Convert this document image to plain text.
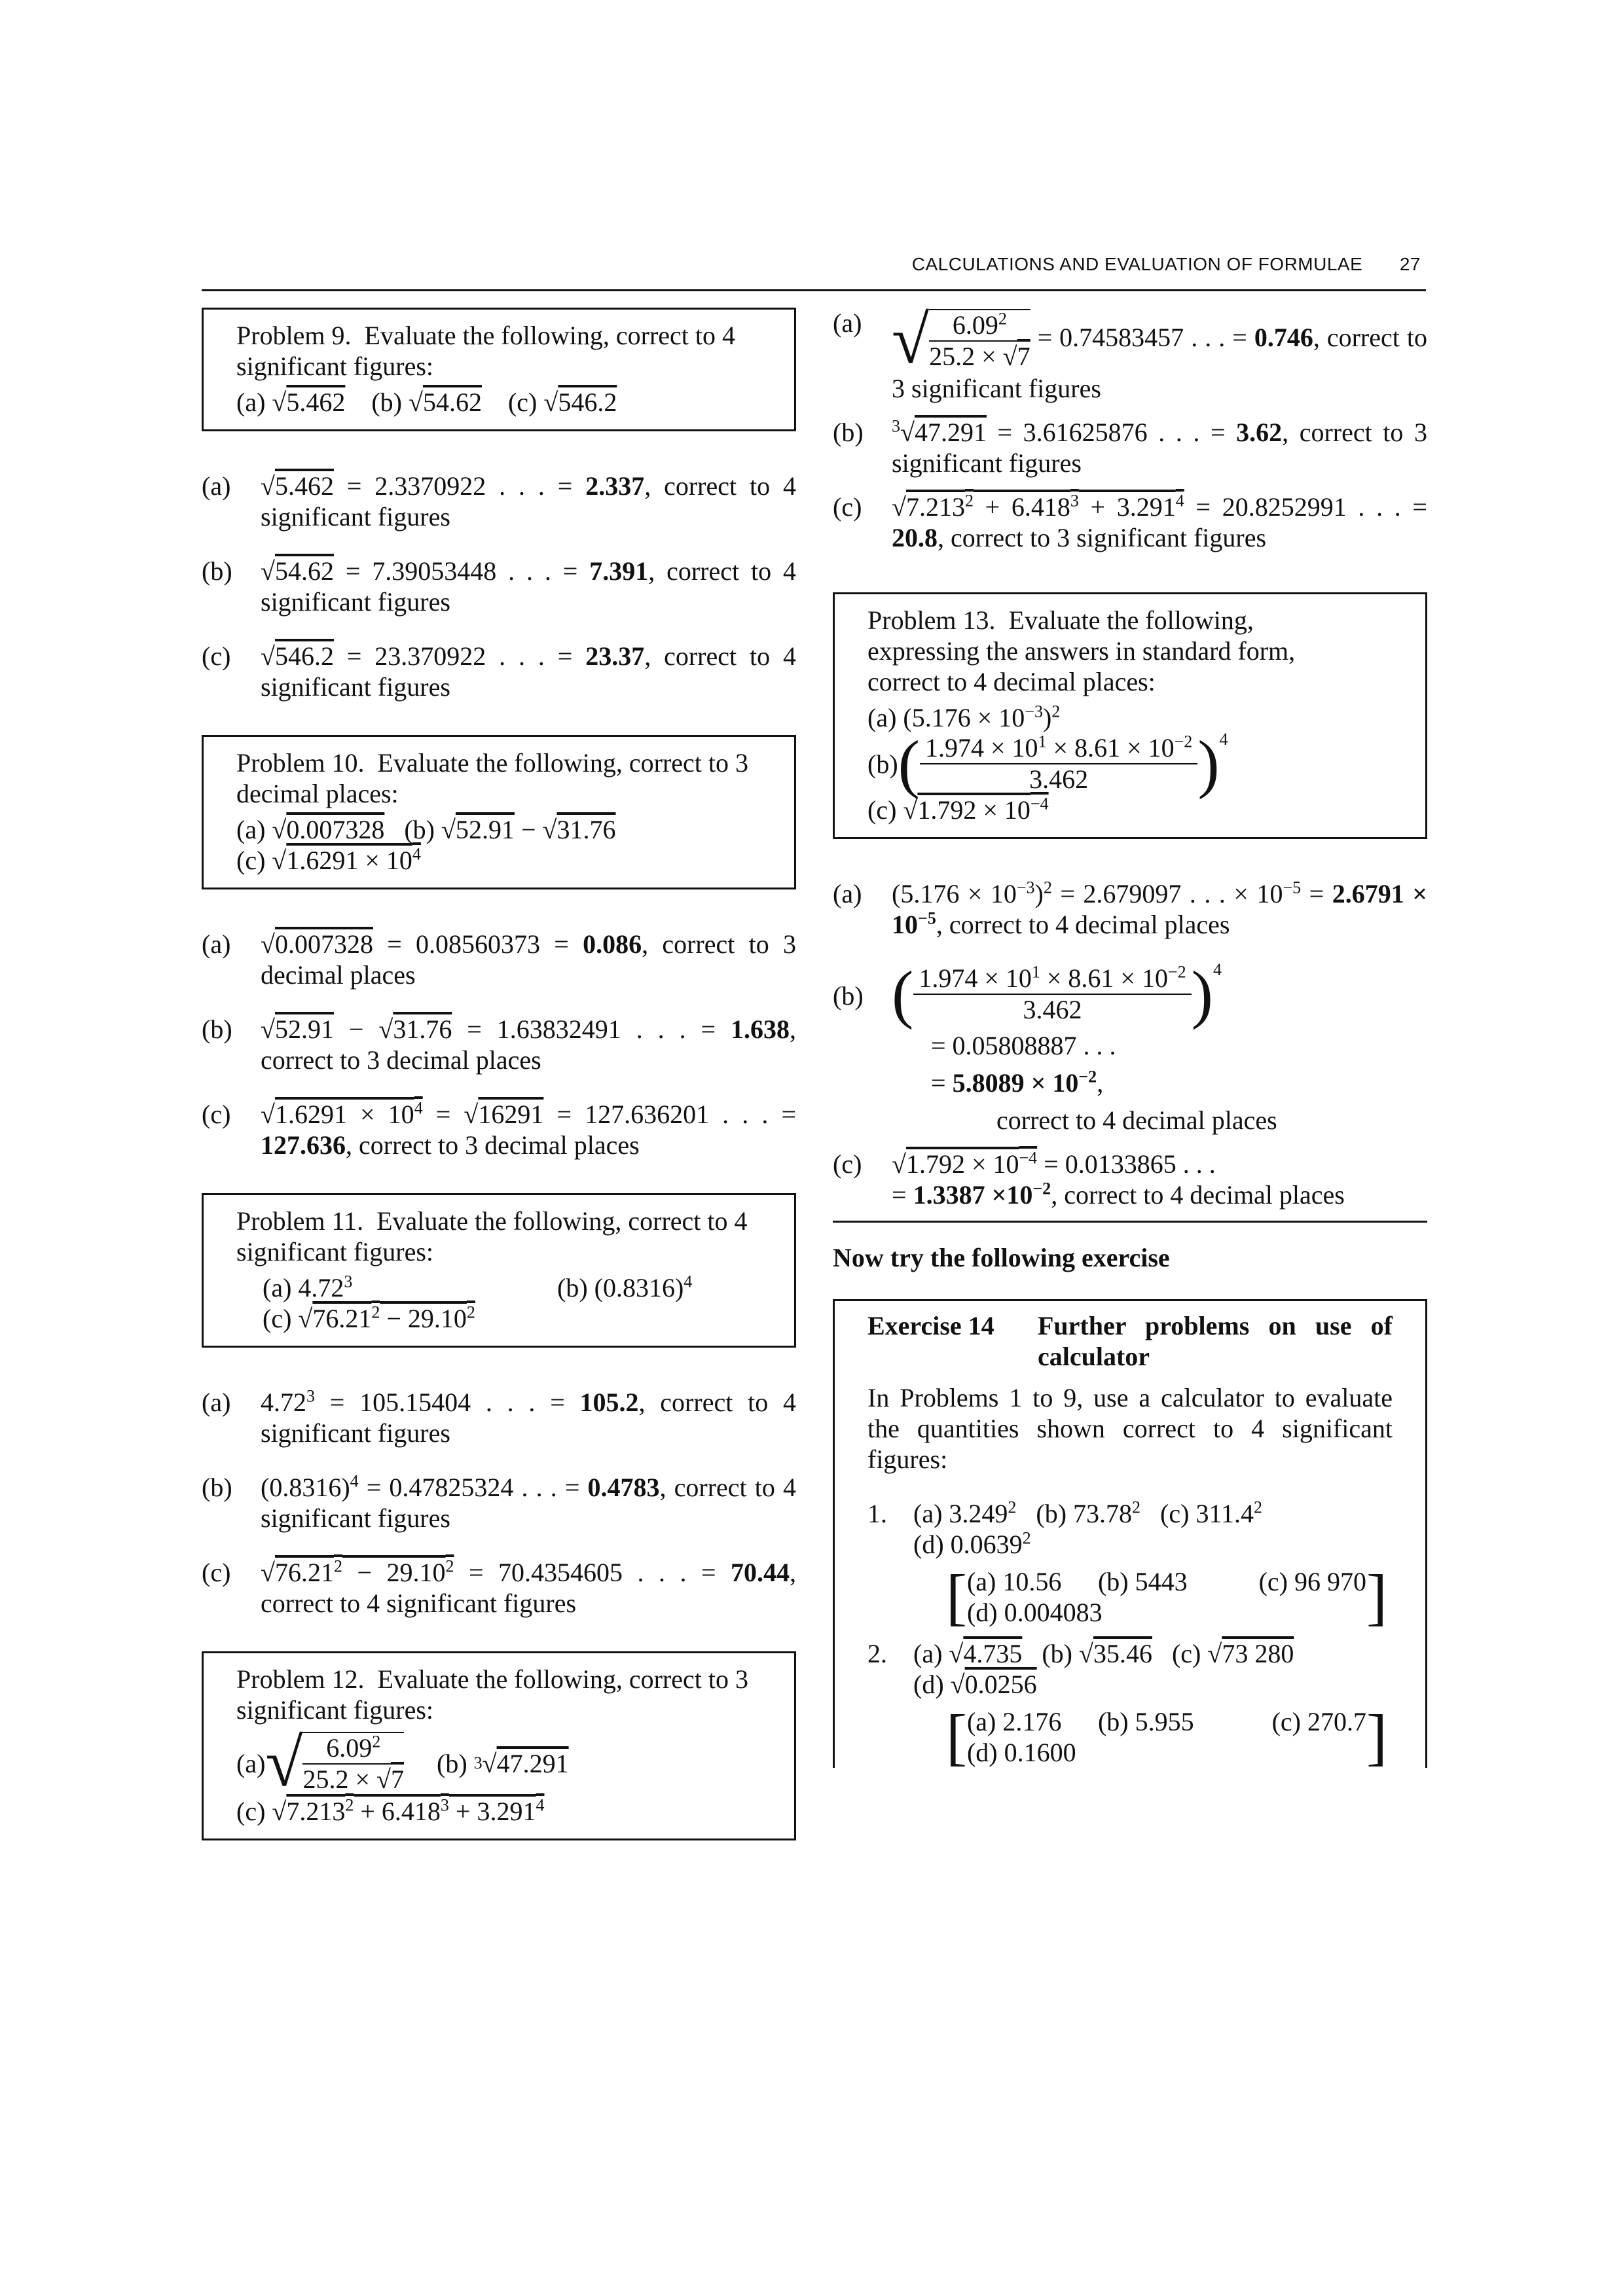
CALCULATIONS AND EVALUATION OF FORMULAE 27

Problem 9. Evaluate the following, correct to 4 significant figures:

(a) √ 5.462 (b) √ 54.62 (c) √ 546.2

(a)	√ 5.462 = 2.3370922 . . . = 2.337, correct to 4 significant figures
(b)	√ 54.62 = 7.39053448 . . . = 7.391, correct to 4 significant figures
(c)	√ 546.2 = 23.370922 . . . = 23.37, correct to 4 significant figures

Problem 10. Evaluate the following, correct to 3 decimal places:

(a) √ 0.007328 (b) √ 52.91 − √ 31.76

(c) √ $1.6291 \times 10^4$

(a)	√ 0.007328 = 0.08560373 = 0.086, correct to 3 decimal places
(b)	√ 52.91 − √ 31.76 = 1.63832491 . . . = 1.638, correct to 3 decimal places
(c)	√ $1.6291 \times 10^4$ = √ 16291 = 127.636201 . . . = 127.636, correct to 3 decimal places

Problem 11. Evaluate the following, correct to 4 significant figures:

(a) 4.72$^3$	(b) $(0.8316)^4$

(c) √ $76.21^2 - 29.10^2$

(a)	$4.72^3 = 105.15404$ . . . = 105.2, correct to 4 significant figures
(b)	$(0.8316)^4 = 0.47825324$ . . . = 0.4783, correct to 4 significant figures
(c)	√ $76.21^2 - 29.10^2 = 70.4354605$ . . . = 70.44, correct to 4 significant figures

Problem 12. Evaluate the following, correct to 3 significant figures:

(a) √ $\frac{6.09^2}{25.2 \times √ 7} (b)$
3 √ 47.291

(c) √ $7.213^2 + 6.418^3 + 3.291^4$

(a) √ $\frac{6.09^2}{25.2 \times √ 7} = 0.74583457$ . . . = 0.746, correct to 3 significant figures
(b)	$^3$ √ 47.291 = 3.61625876 . . . = 3.62, correct to 3 significant figures
(c)	√ $7.213^2 + 6.418^3 + 3.291^4 = 20.8252991$ . . . = 20.8, correct to 3 significant figures

Problem 13. Evaluate the following, expressing the answers in standard form, correct to 4 decimal places:

(a) $(5.176 \times 10^{-3})^2$

(b) ( $\frac{1.974 \times 10^1 \times 8.61 \times 10^{-2}}{3.462}$ ) 4

(c) √ $1.792 \times 10^{-4}$

(a)	$(5.176 \times 10^{-3})^2 = 2.679097$ . . . × $10^{-5} = 2.6791 \times 10^{-5}$, correct to 4 decimal places
(b) ( $\frac{1.974 \times 10^1 \times 8.61 \times 10^{-2}}{3.462}$ ) 4
= 0.05808887 . . .
= $5.8089 \times 10^{-2}$,
correct to 4 decimal places
(c)	√ $1.792 \times 10^{-4} = 0.0133865$ . . .
= $1.3387 \times 10^{-2}$, correct to 4 decimal places
Now try the following exercise
Exercise 14	Further problems on use of calculator
In Problems 1 to 9, use a calculator to evaluate the quantities shown correct to 4 significant figures:
1.	(a) 3.249$^2$ (b) 73.78$^2$ (c) 311.4$^2$
(d) 0.0639$^2$
[ (a) 10.56	(b) 5443	(c) 96 970
(d) 0.004083	]
2.	(a) √ 4.735 (b) √ 35.46 (c) √ 73 280
(d) √ 0.0256
[ (a) 2.176	(b) 5.955	(c) 270.7
(d) 0.1600	]
